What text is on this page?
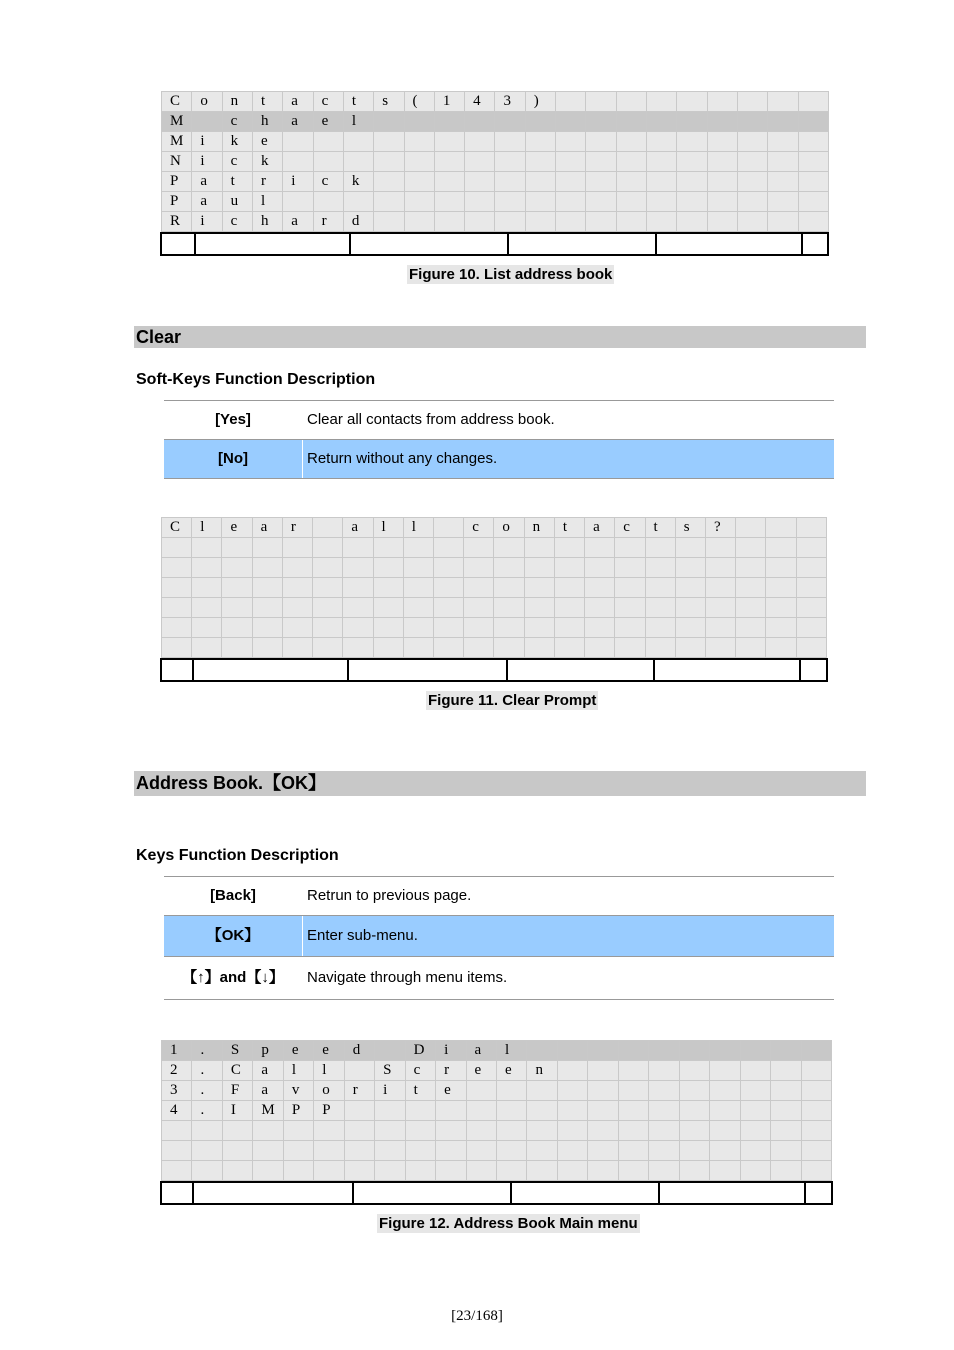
C	o	n	t	a	c	t	s	(	1	4	3	)									
M		c	h	a	e	l															
M	i	k	e																		
N	i	c	k																		
P	a	t	r	i	c	k															
P	a	u	l																		
R	i	c	h	a	r	d															
Figure 10. List address book
Clear
Soft-Keys Function Description
[Yes]	Clear all contacts from address book.
[No]	Return without any changes.
C	l	e	a	r		a	l	l		c	o	n	t	a	c	t	s	?			

Figure 11. Clear Prompt
Address Book.【OK】
Keys Function Description
[Back]	Retrun to previous page.
【OK】	Enter sub-menu.
【↑】and【↓】	Navigate through menu items.
1	.	S	p	e	e	d		D	i	a	l										
2	.	C	a	l	l		S	c	r	e	e	n									
3	.	F	a	v	o	r	i	t	e												
4	.	I	M	P	P																

Figure 12. Address Book Main menu
[23/168]
